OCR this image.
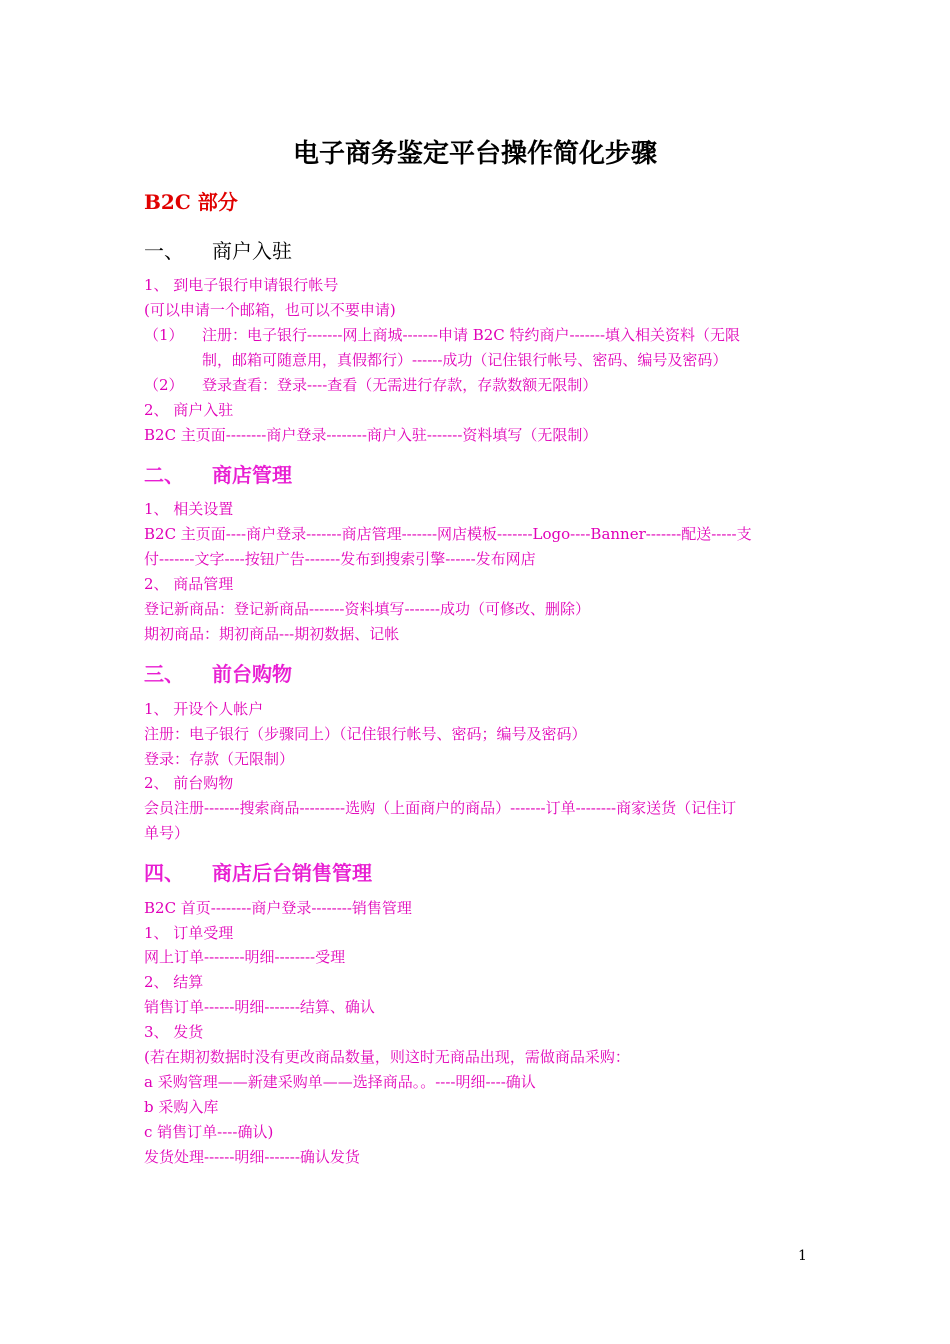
电子商务鉴定平台操作简化步骤
B2C 部分
一、 商户入驻
1、 到电子银行申请银行帐号
(可以申请一个邮箱，也可以不要申请)
（1） 注册：电子银行-------网上商城-------申请 B2C 特约商户-------填入相关资料（无限
制，邮箱可随意用，真假都行）------成功（记住银行帐号、密码、编号及密码）
（2） 登录查看：登录----查看（无需进行存款，存款数额无限制）
2、 商户入驻
B2C 主页面--------商户登录--------商户入驻-------资料填写（无限制）
二、 商店管理
1、 相关设置
B2C 主页面----商户登录-------商店管理-------网店模板-------Logo----Banner-------配送-----支
付-------文字----按钮广告-------发布到搜索引擎------发布网店
2、 商品管理
登记新商品：登记新商品-------资料填写-------成功（可修改、删除）
期初商品：期初商品---期初数据、记帐
三、 前台购物
1、 开设个人帐户
注册：电子银行（步骤同上）（记住银行帐号、密码；编号及密码）
登录：存款（无限制）
2、 前台购物
会员注册-------搜索商品---------选购（上面商户的商品）-------订单--------商家送货（记住订
单号）
四、 商店后台销售管理
B2C 首页--------商户登录--------销售管理
1、 订单受理
网上订单--------明细--------受理
2、 结算
销售订单------明细-------结算、确认
3、 发货
(若在期初数据时没有更改商品数量，则这时无商品出现，需做商品采购：
a 采购管理——新建采购单——选择商品。。----明细----确认
b 采购入库
c 销售订单----确认)
发货处理------明细-------确认发货
1
